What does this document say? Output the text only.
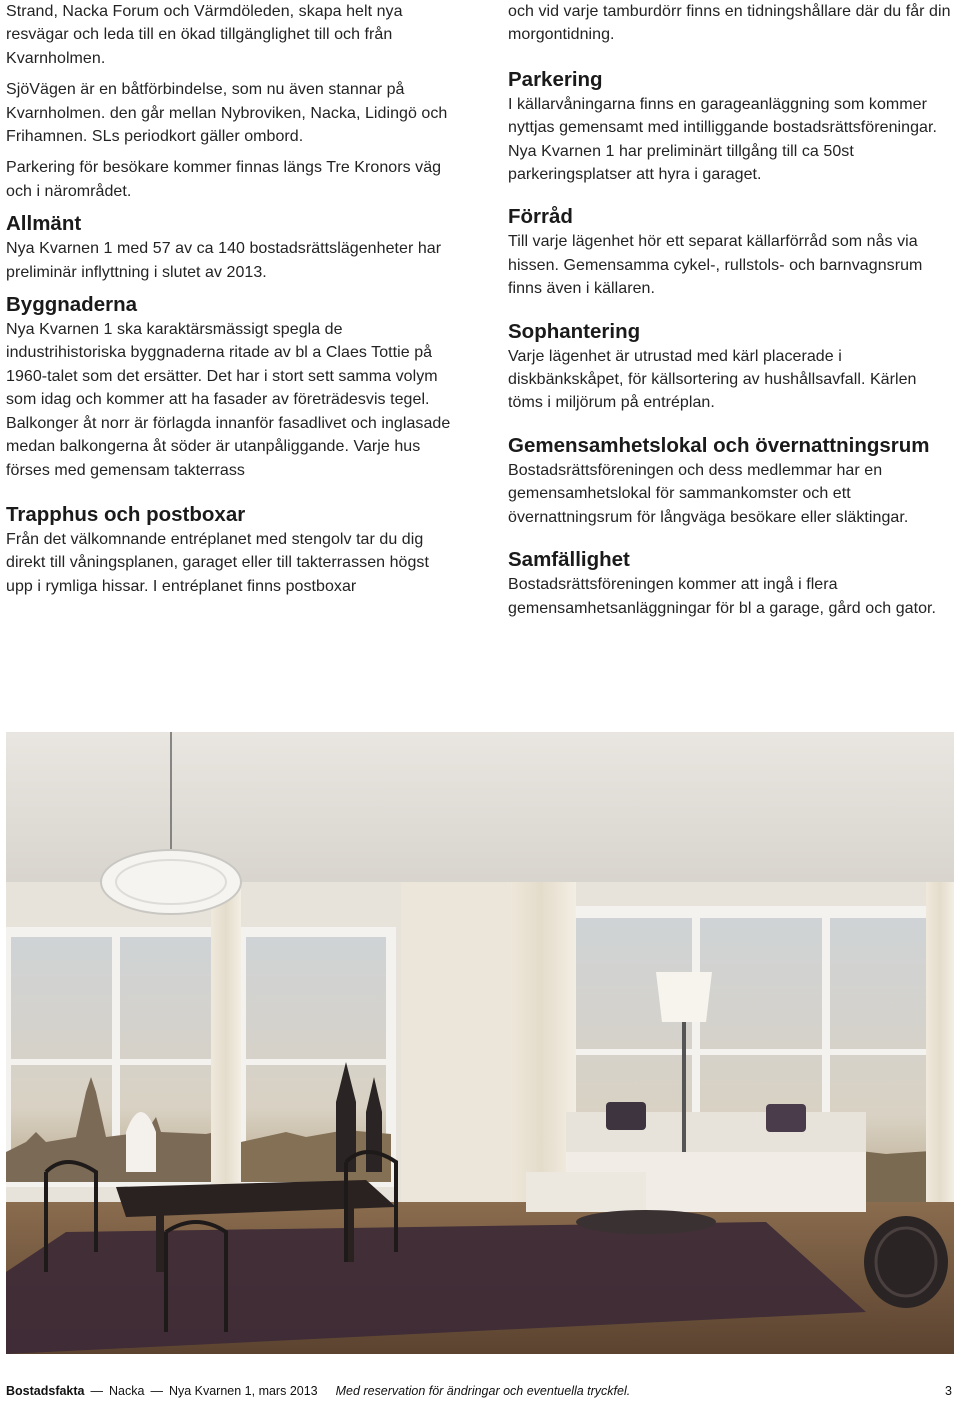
Strand, Nacka Forum och Värmdöleden, skapa helt nya resvägar och leda till en ökad tillgänglighet till och från Kvarnholmen.

SjöVägen är en båtförbindelse, som nu även stannar på Kvarnholmen. den går mellan Nybroviken, Nacka, Lidingö och Frihamnen. SLs periodkort gäller ombord.

Parkering för besökare kommer finnas längs Tre Kronors väg och i närområdet.

Allmänt

Nya Kvarnen 1 med 57 av ca 140 bostadsrättslägenheter har preliminär inflyttning i slutet av 2013.

Byggnaderna

Nya Kvarnen 1 ska karaktärsmässigt spegla de industrihistoriska byggnaderna ritade av bl a Claes Tottie på 1960-talet som det ersätter. Det har i stort sett samma volym som idag och kommer att ha fasader av företrädesvis tegel. Balkonger åt norr är förlagda innanför fasadlivet och inglasade medan balkongerna åt söder är utanpåliggande. Varje hus förses med gemensam takterrass

Trapphus och postboxar

Från det välkomnande entréplanet med stengolv tar du dig direkt till våningsplanen, garaget eller till takterrassen högst upp i rymliga hissar. I entréplanet finns postboxar

och vid varje tamburdörr finns en tidningshållare där du får din morgontidning.

Parkering

I källarvåningarna finns en garageanläggning som kommer nyttjas gemensamt med intilliggande bostadsrättsföreningar. Nya Kvarnen 1 har preliminärt tillgång till ca 50st parkeringsplatser att hyra i garaget.

Förråd

Till varje lägenhet hör ett separat källarförråd som nås via hissen. Gemensamma cykel-, rullstols- och barnvagnsrum finns även i källaren.

Sophantering

Varje lägenhet är utrustad med kärl placerade i diskbänkskåpet, för källsortering av hushållsavfall. Kärlen töms i miljörum på entréplan.

Gemensamhetslokal och övernattningsrum

Bostadsrättsföreningen och dess medlemmar har en gemensamhetslokal för sammankomster och ett övernattningsrum för långväga besökare eller släktingar.

Samfällighet

Bostadsrättsföreningen kommer att ingå i flera gemensamhetsanläggningar för bl a garage, gård och gator.

Bostadsfakta — Nacka — Nya Kvarnen 1, mars 2013 Med reservation för ändringar och eventuella tryckfel.	3
